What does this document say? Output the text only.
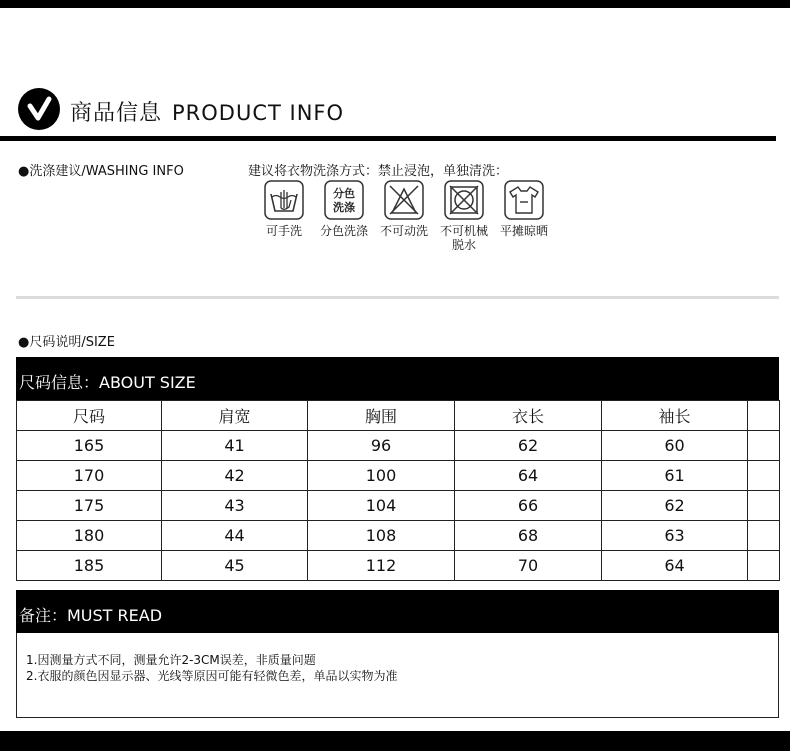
商品信息 PRODUCT INFO
●洗涤建议/WASHING INFO	建议将衣物洗涤方式：禁止浸泡，单独清洗：
可手洗
分色
洗涤
分色洗涤 不可动洗 不可机械
脱水
平摊晾晒
●尺码说明/SIZE
尺码信息：ABOUT SIZE
尺码	肩宽	胸围	衣长	袖长	
165	41	96	62	60	
170	42	100	64	61	
175	43	104	66	62	
180	44	108	68	63	
185	45	112	70	64	
备注：MUST READ
1.因测量方式不同，测量允许2-3CM误差，非质量问题
2.衣服的颜色因显示器、光线等原因可能有轻微色差，单品以实物为准
